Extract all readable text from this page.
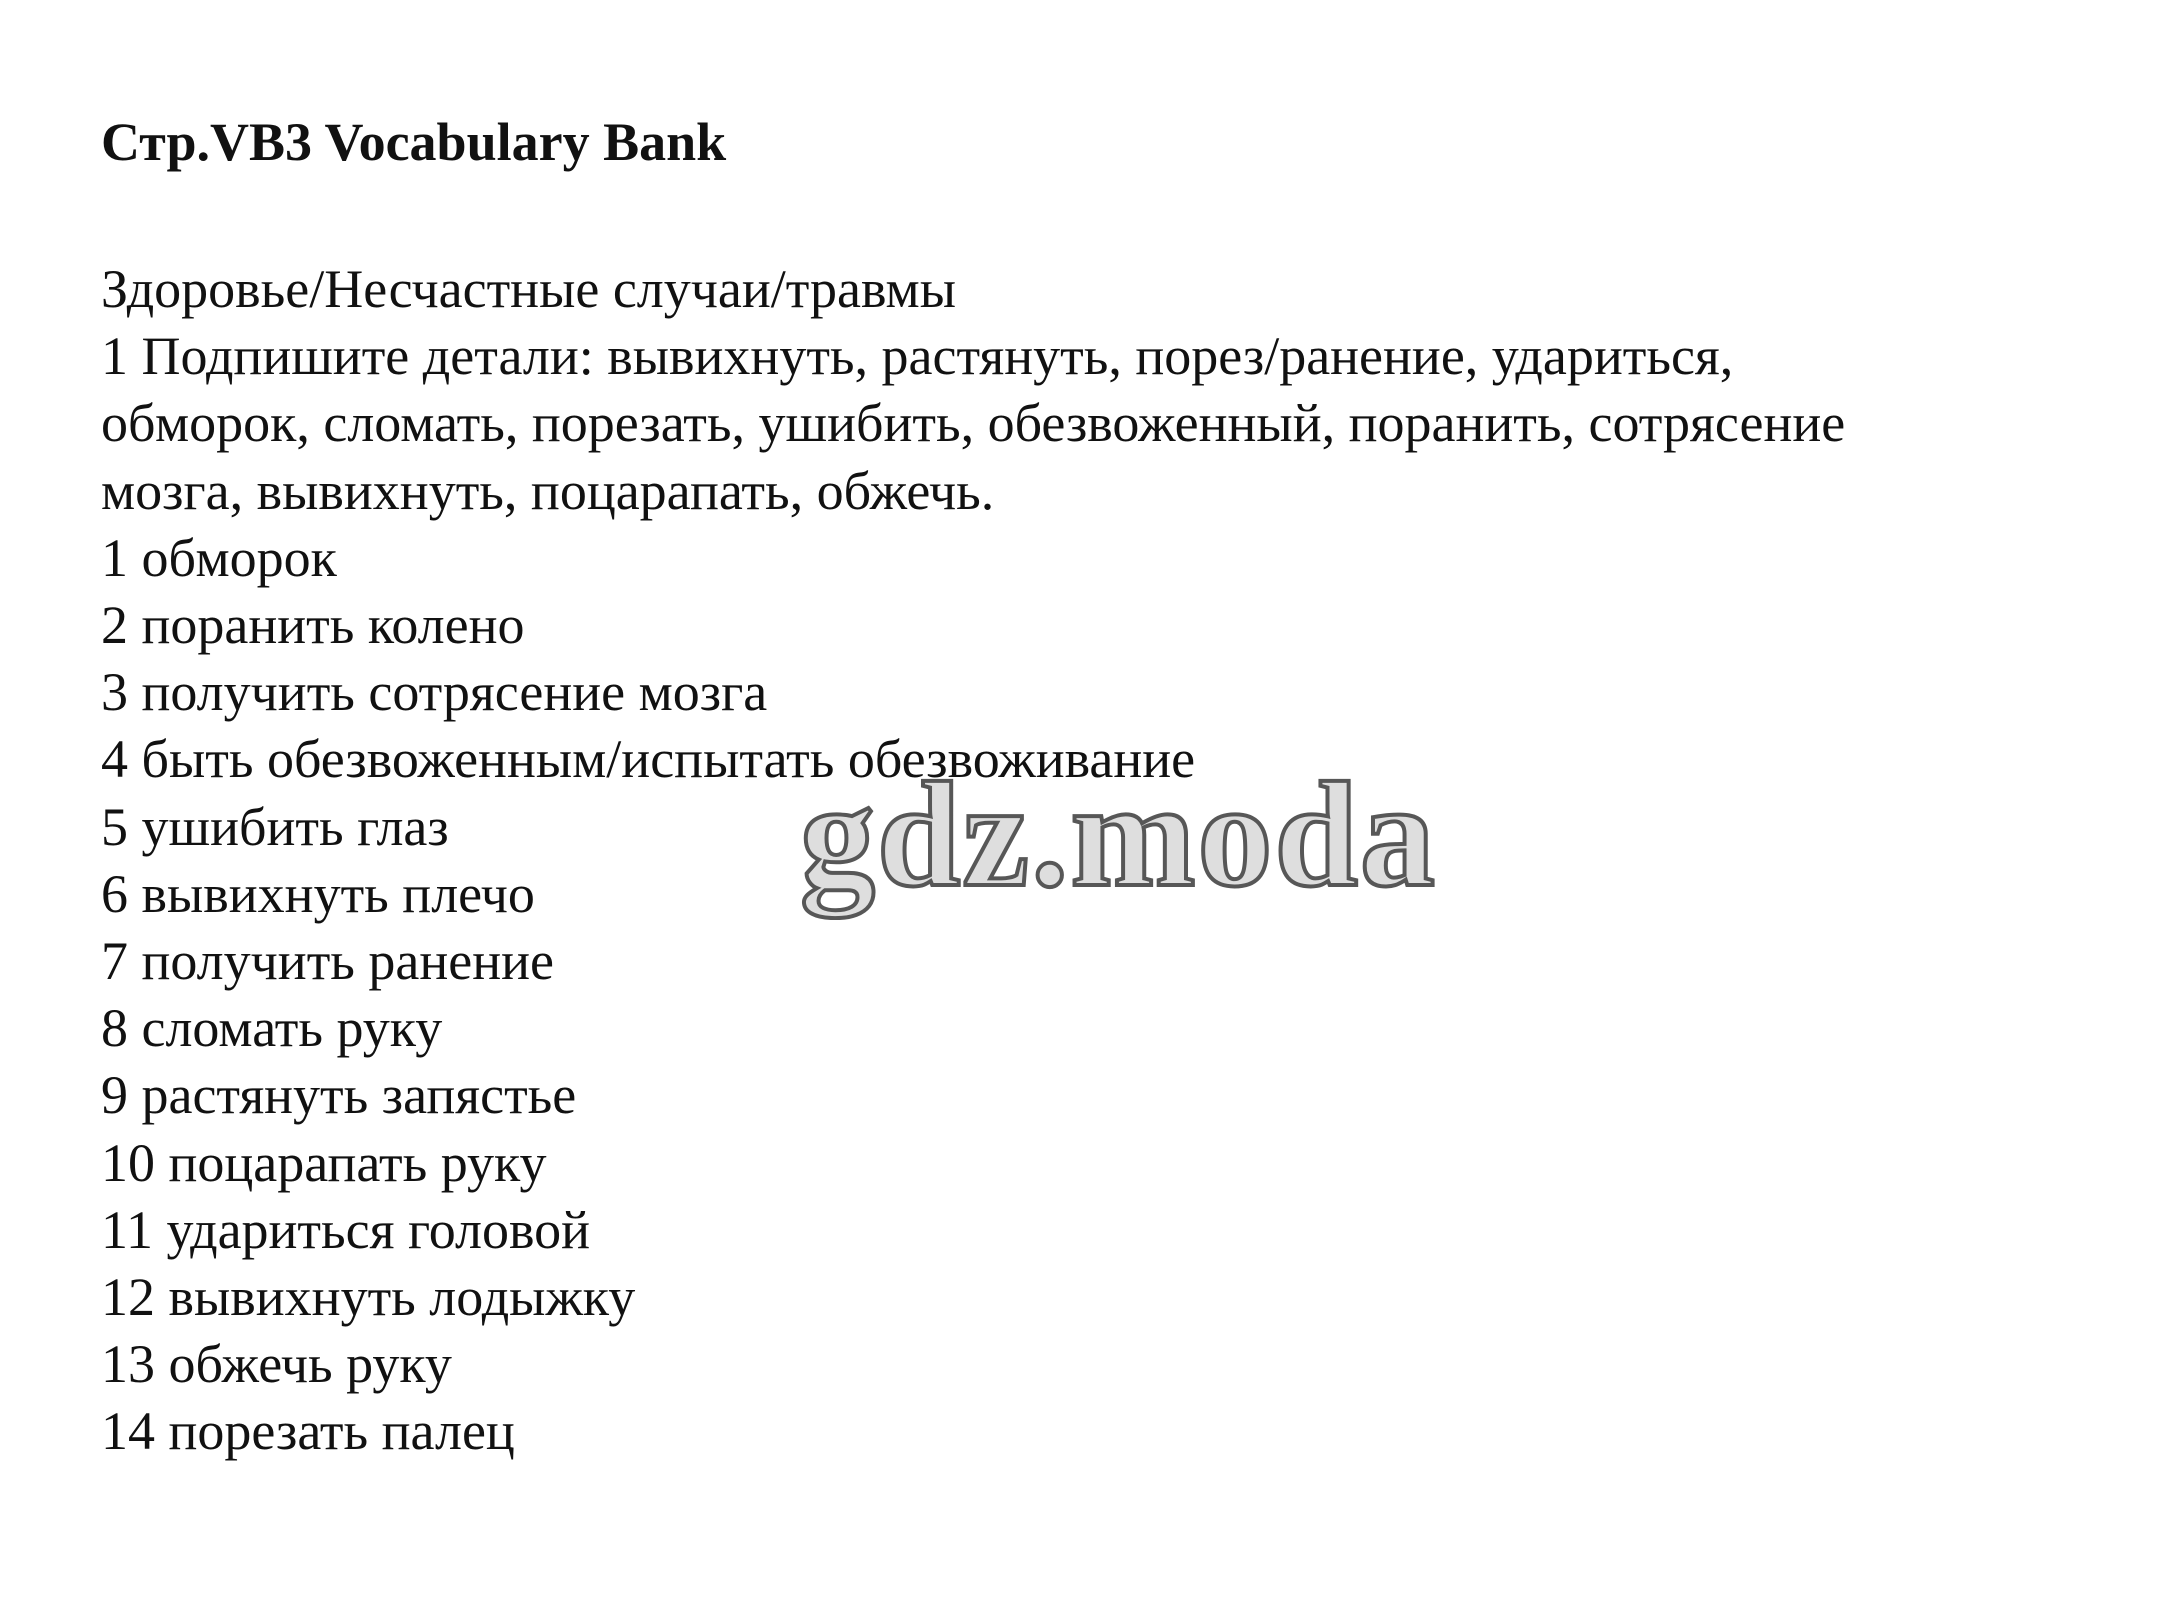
Стр.VB3 Vocabulary Bank
Здоровье/Несчастные случаи/травмы
1 Подпишите детали: вывихнуть, растянуть, порез/ранение, удариться,
обморок, сломать, порезать, ушибить, обезвоженный, поранить, сотрясение
мозга, вывихнуть, поцарапать, обжечь.
1 обморок
2 поранить колено
3 получить сотрясение мозга
4 быть обезвоженным/испытать обезвоживание
5 ушибить глаз
6 вывихнуть плечо
7 получить ранение
8 сломать руку
9 растянуть запястье
10 поцарапать руку
11 удариться головой
12 вывихнуть лодыжку
13 обжечь руку
14 порезать палец
gdz.moda
